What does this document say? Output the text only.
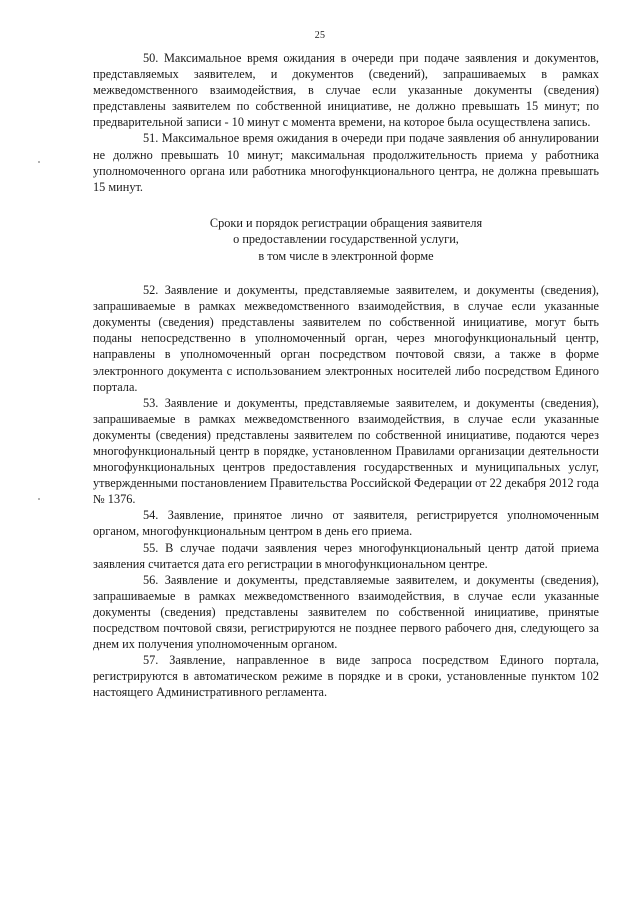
25

50. Максимальное время ожидания в очереди при подаче заявления и документов, представляемых заявителем, и документов (сведений), запрашиваемых в рамках межведомственного взаимодействия, в случае если указанные документы (сведения) представлены заявителем по собственной инициативе, не должно превышать 15 минут; по предварительной записи - 10 минут с момента времени, на которое была осуществлена запись.

51. Максимальное время ожидания в очереди при подаче заявления об аннулировании не должно превышать 10 минут; максимальная продолжительность приема у работника уполномоченного органа или работника многофункционального центра, не должна превышать 15 минут.

Сроки и порядок регистрации обращения заявителя
о предоставлении государственной услуги,
в том числе в электронной форме

52. Заявление и документы, представляемые заявителем, и документы (сведения), запрашиваемые в рамках межведомственного взаимодействия, в случае если указанные документы (сведения) представлены заявителем по собственной инициативе, могут быть поданы непосредственно в уполномоченный орган, через многофункциональный центр, направлены в уполномоченный орган посредством почтовой связи, а также в форме электронного документа с использованием электронных носителей либо посредством Единого портала.

53. Заявление и документы, представляемые заявителем, и документы (сведения), запрашиваемые в рамках межведомственного взаимодействия, в случае если указанные документы (сведения) представлены заявителем по собственной инициативе, подаются через многофункциональный центр в порядке, установленном Правилами организации деятельности многофункциональных центров предоставления государственных и муниципальных услуг, утвержденными постановлением Правительства Российской Федерации от 22 декабря 2012 года № 1376.

54. Заявление, принятое лично от заявителя, регистрируется уполномоченным органом, многофункциональным центром в день его приема.

55. В случае подачи заявления через многофункциональный центр датой приема заявления считается дата его регистрации в многофункциональном центре.

56. Заявление и документы, представляемые заявителем, и документы (сведения), запрашиваемые в рамках межведомственного взаимодействия, в случае если указанные документы (сведения) представлены заявителем по собственной инициативе, принятые посредством почтовой связи, регистрируются не позднее первого рабочего дня, следующего за днем их получения уполномоченным органом.

57. Заявление, направленное в виде запроса посредством Единого портала, регистрируются в автоматическом режиме в порядке и в сроки, установленные пунктом 102 настоящего Административного регламента.
